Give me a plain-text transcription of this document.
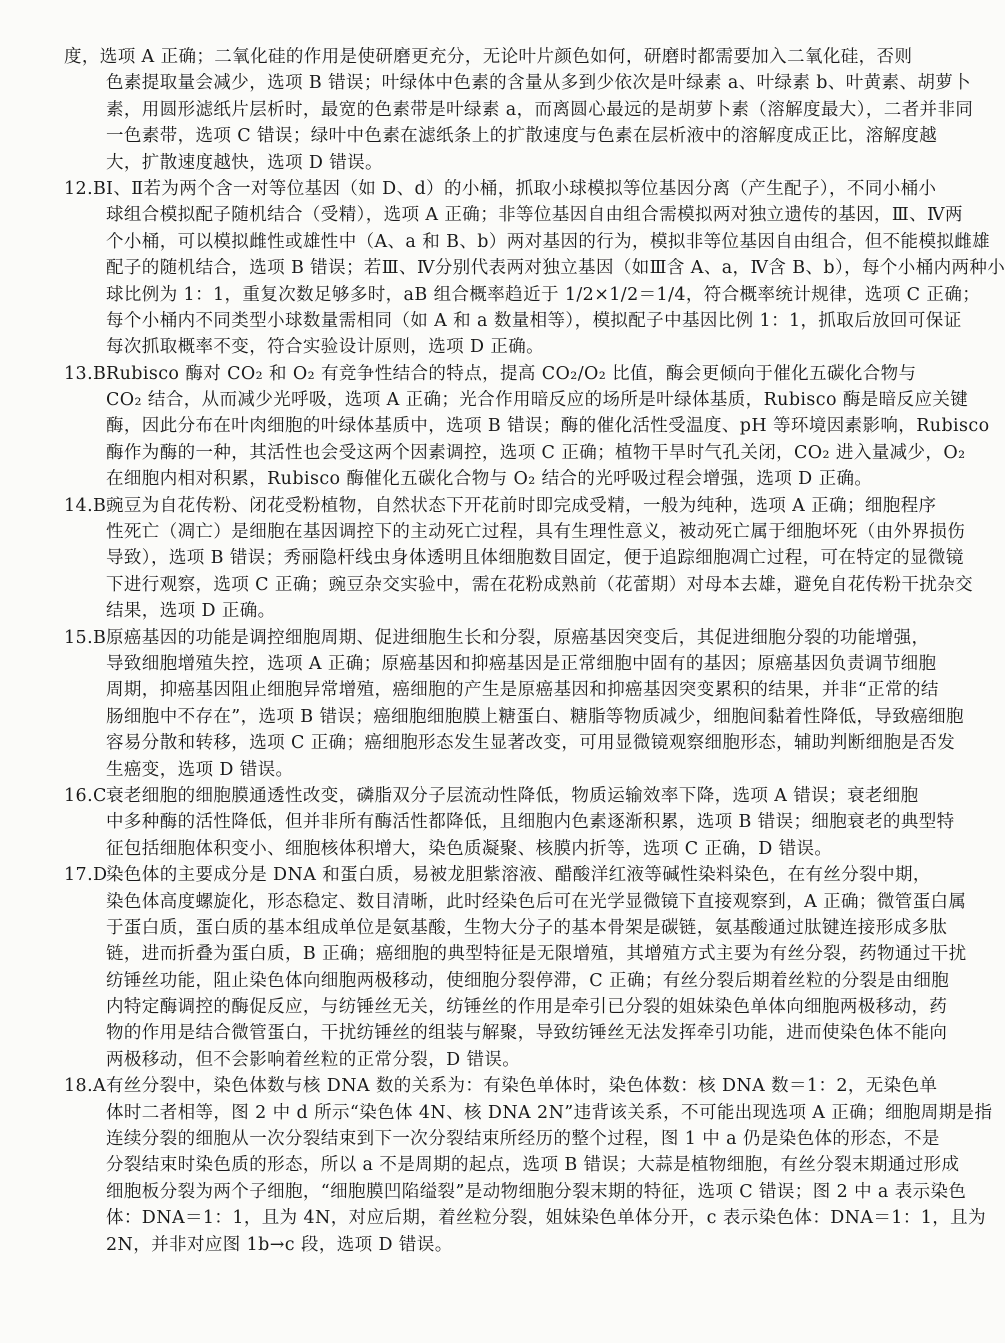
度，选项 A 正确；二氧化硅的作用是使研磨更充分，无论叶片颜色如何，研磨时都需要加入二氧化硅，否则
色素提取量会减少，选项 B 错误；叶绿体中色素的含量从多到少依次是叶绿素 a、叶绿素 b、叶黄素、胡萝卜
素，用圆形滤纸片层析时，最宽的色素带是叶绿素 a，而离圆心最远的是胡萝卜素（溶解度最大），二者并非同
一色素带，选项 C 错误；绿叶中色素在滤纸条上的扩散速度与色素在层析液中的溶解度成正比，溶解度越
大，扩散速度越快，选项 D 错误。
12.BⅠ、Ⅱ若为两个含一对等位基因（如 D、d）的小桶，抓取小球模拟等位基因分离（产生配子），不同小桶小
球组合模拟配子随机结合（受精），选项 A 正确；非等位基因自由组合需模拟两对独立遗传的基因，Ⅲ、Ⅳ两
个小桶，可以模拟雌性或雄性中（A、a 和 B、b）两对基因的行为，模拟非等位基因自由组合，但不能模拟雌雄
配子的随机结合，选项 B 错误；若Ⅲ、Ⅳ分别代表两对独立基因（如Ⅲ含 A、a，Ⅳ含 B、b），每个小桶内两种小
球比例为 1：1，重复次数足够多时，aB 组合概率趋近于 1/2×1/2＝1/4，符合概率统计规律，选项 C 正确；
每个小桶内不同类型小球数量需相同（如 A 和 a 数量相等），模拟配子中基因比例 1：1，抓取后放回可保证
每次抓取概率不变，符合实验设计原则，选项 D 正确。
13.BRubisco 酶对 CO₂ 和 O₂ 有竞争性结合的特点，提高 CO₂/O₂ 比值，酶会更倾向于催化五碳化合物与
CO₂ 结合，从而减少光呼吸，选项 A 正确；光合作用暗反应的场所是叶绿体基质，Rubisco 酶是暗反应关键
酶，因此分布在叶肉细胞的叶绿体基质中，选项 B 错误；酶的催化活性受温度、pH 等环境因素影响，Rubisco
酶作为酶的一种，其活性也会受这两个因素调控，选项 C 正确；植物干旱时气孔关闭，CO₂ 进入量减少，O₂
在细胞内相对积累，Rubisco 酶催化五碳化合物与 O₂ 结合的光呼吸过程会增强，选项 D 正确。
14.B豌豆为自花传粉、闭花受粉植物，自然状态下开花前时即完成受精，一般为纯种，选项 A 正确；细胞程序
性死亡（凋亡）是细胞在基因调控下的主动死亡过程，具有生理性意义，被动死亡属于细胞坏死（由外界损伤
导致），选项 B 错误；秀丽隐杆线虫身体透明且体细胞数目固定，便于追踪细胞凋亡过程，可在特定的显微镜
下进行观察，选项 C 正确；豌豆杂交实验中，需在花粉成熟前（花蕾期）对母本去雄，避免自花传粉干扰杂交
结果，选项 D 正确。
15.B原癌基因的功能是调控细胞周期、促进细胞生长和分裂，原癌基因突变后，其促进细胞分裂的功能增强，
导致细胞增殖失控，选项 A 正确；原癌基因和抑癌基因是正常细胞中固有的基因；原癌基因负责调节细胞
周期，抑癌基因阻止细胞异常增殖，癌细胞的产生是原癌基因和抑癌基因突变累积的结果，并非“正常的结
肠细胞中不存在”，选项 B 错误；癌细胞细胞膜上糖蛋白、糖脂等物质减少，细胞间黏着性降低，导致癌细胞
容易分散和转移，选项 C 正确；癌细胞形态发生显著改变，可用显微镜观察细胞形态，辅助判断细胞是否发
生癌变，选项 D 错误。
16.C衰老细胞的细胞膜通透性改变，磷脂双分子层流动性降低，物质运输效率下降，选项 A 错误；衰老细胞
中多种酶的活性降低，但并非所有酶活性都降低，且细胞内色素逐渐积累，选项 B 错误；细胞衰老的典型特
征包括细胞体积变小、细胞核体积增大，染色质凝聚、核膜内折等，选项 C 正确，D 错误。
17.D染色体的主要成分是 DNA 和蛋白质，易被龙胆紫溶液、醋酸洋红液等碱性染料染色，在有丝分裂中期，
染色体高度螺旋化，形态稳定、数目清晰，此时经染色后可在光学显微镜下直接观察到，A 正确；微管蛋白属
于蛋白质，蛋白质的基本组成单位是氨基酸，生物大分子的基本骨架是碳链，氨基酸通过肽键连接形成多肽
链，进而折叠为蛋白质，B 正确；癌细胞的典型特征是无限增殖，其增殖方式主要为有丝分裂，药物通过干扰
纺锤丝功能，阻止染色体向细胞两极移动，使细胞分裂停滞，C 正确；有丝分裂后期着丝粒的分裂是由细胞
内特定酶调控的酶促反应，与纺锤丝无关，纺锤丝的作用是牵引已分裂的姐妹染色单体向细胞两极移动，药
物的作用是结合微管蛋白，干扰纺锤丝的组装与解聚，导致纺锤丝无法发挥牵引功能，进而使染色体不能向
两极移动，但不会影响着丝粒的正常分裂，D 错误。
18.A有丝分裂中，染色体数与核 DNA 数的关系为：有染色单体时，染色体数：核 DNA 数＝1：2，无染色单
体时二者相等，图 2 中 d 所示“染色体 4N、核 DNA 2N”违背该关系，不可能出现选项 A 正确；细胞周期是指
连续分裂的细胞从一次分裂结束到下一次分裂结束所经历的整个过程，图 1 中 a 仍是染色体的形态，不是
分裂结束时染色质的形态，所以 a 不是周期的起点，选项 B 错误；大蒜是植物细胞，有丝分裂末期通过形成
细胞板分裂为两个子细胞，“细胞膜凹陷缢裂”是动物细胞分裂末期的特征，选项 C 错误；图 2 中 a 表示染色
体：DNA＝1：1，且为 4N，对应后期，着丝粒分裂，姐妹染色单体分开，c 表示染色体：DNA＝1：1，且为
2N，并非对应图 1b→c 段，选项 D 错误。
